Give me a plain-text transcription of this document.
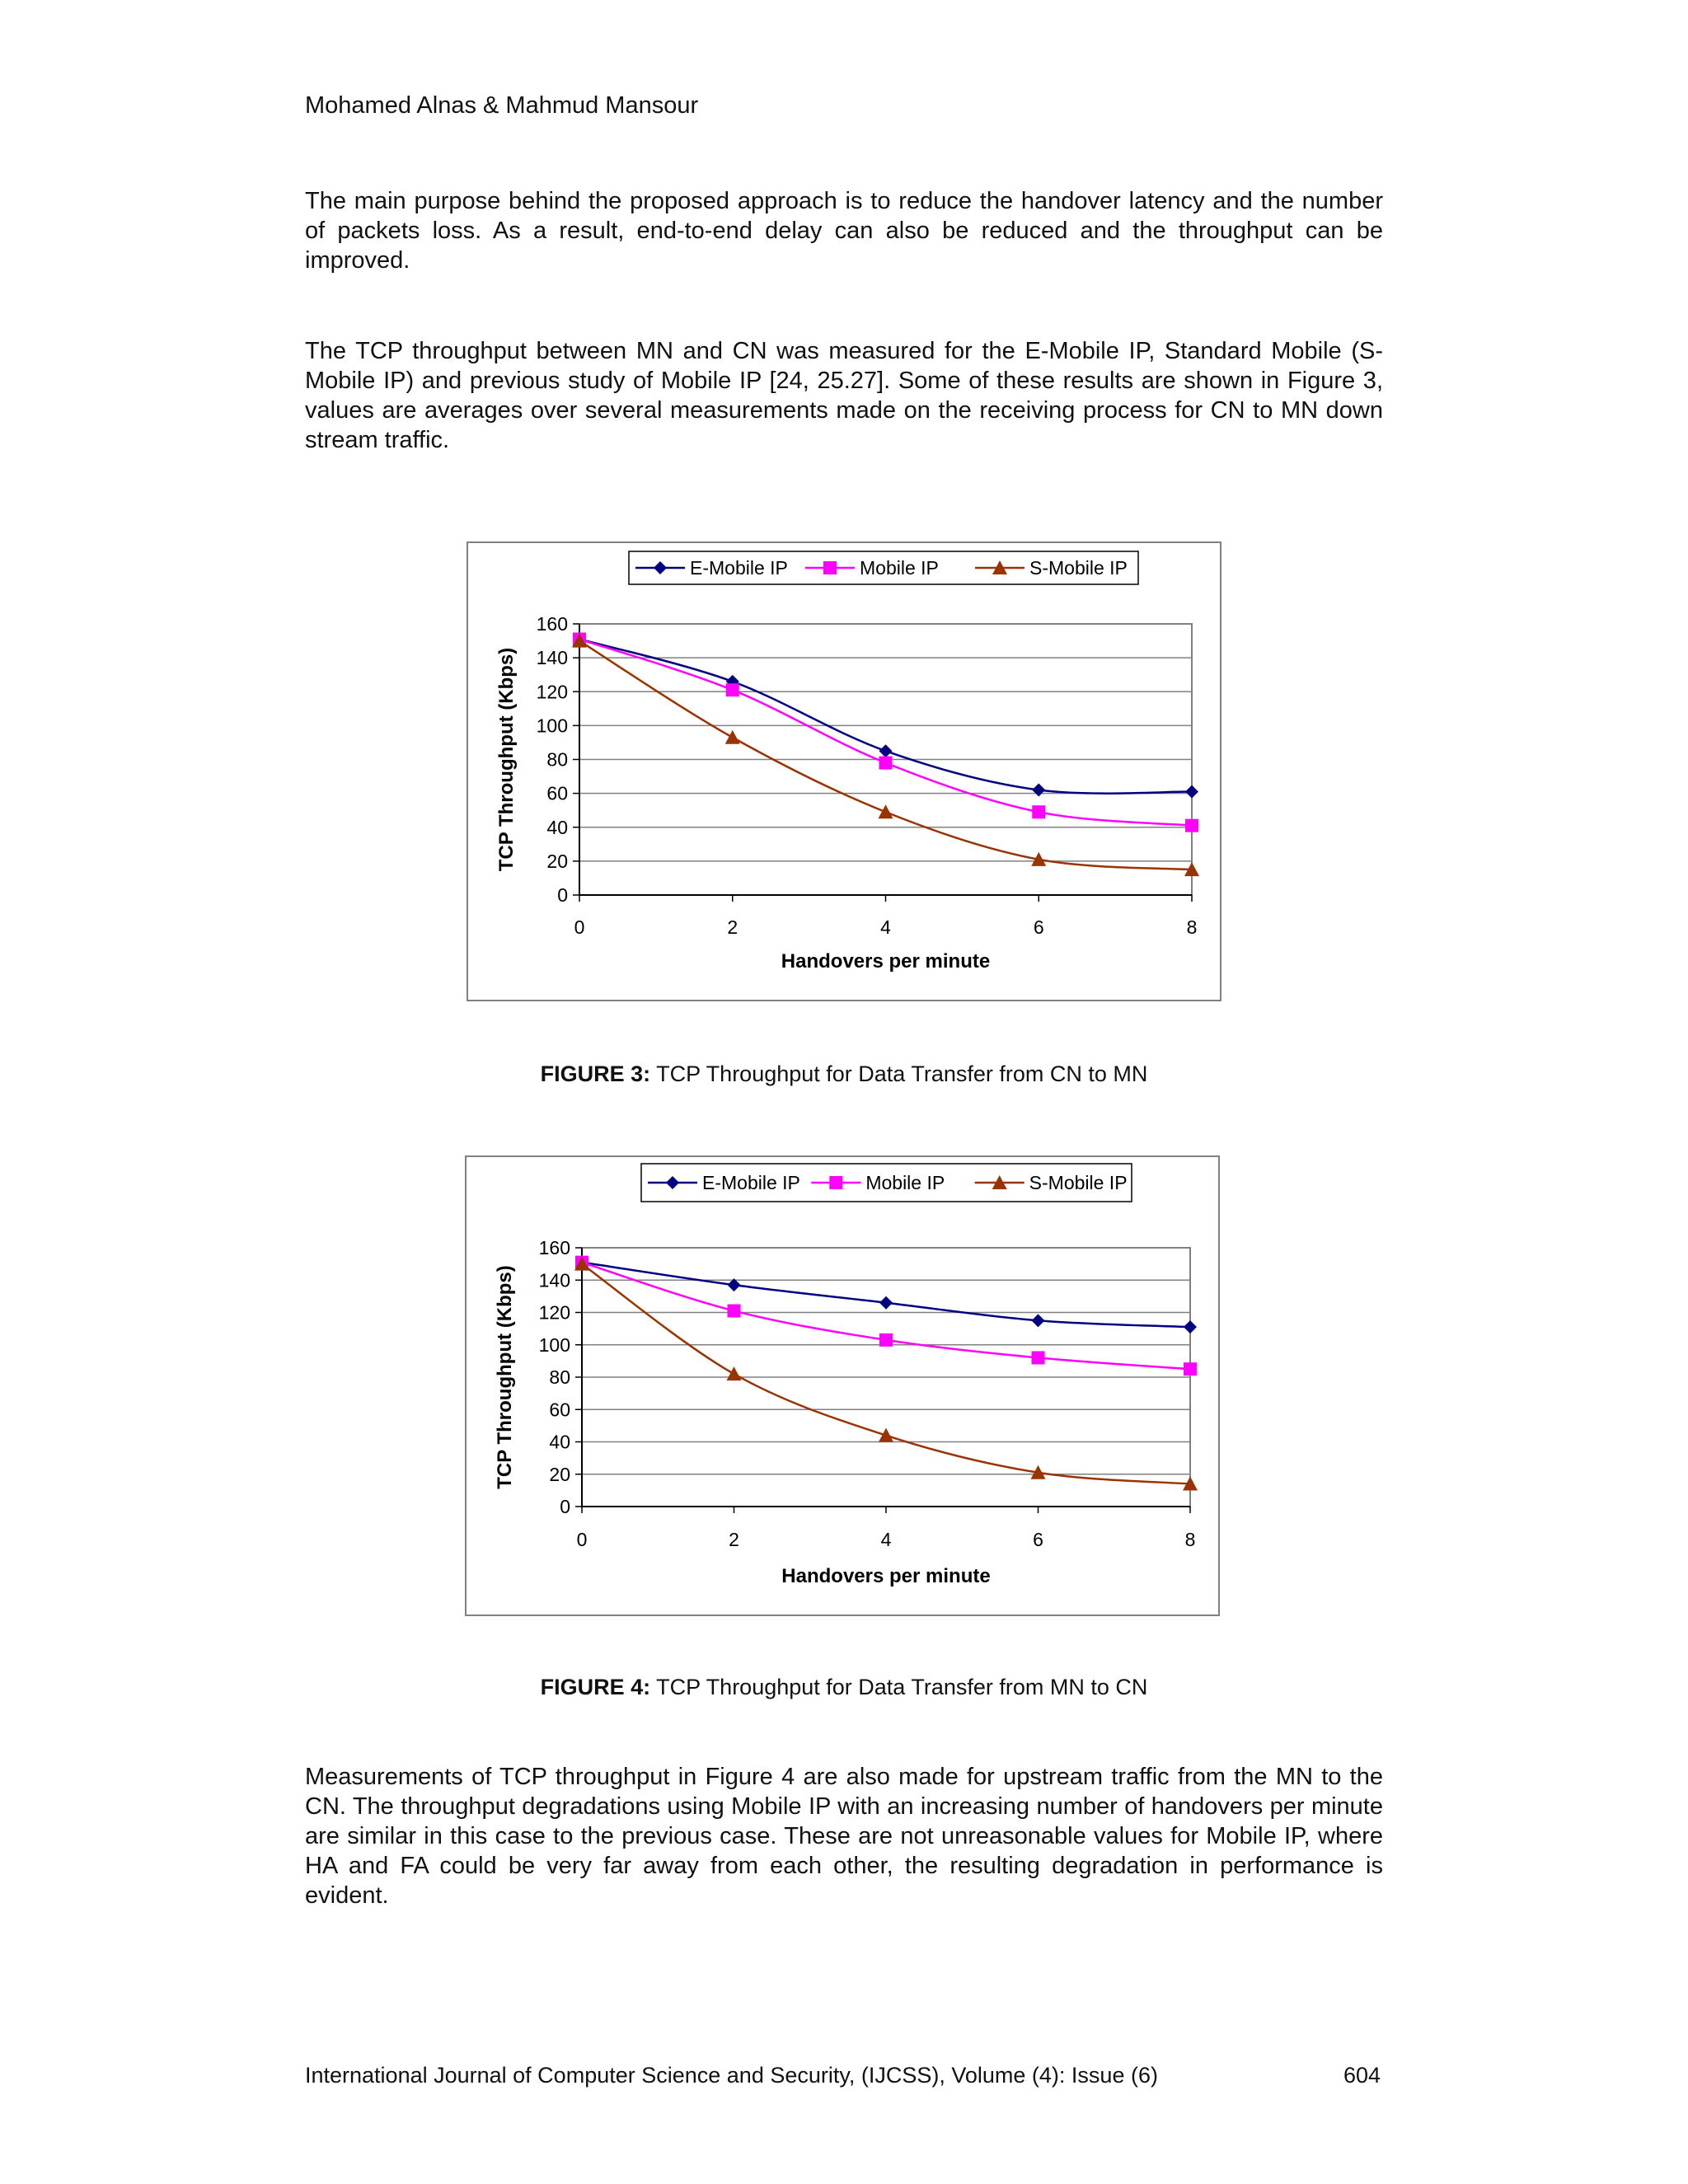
Mohamed Alnas & Mahmud Mansour

The main purpose behind the proposed approach is to reduce the handover latency and the number of packets loss. As a result, end-to-end delay can also be reduced and the throughput can be improved.

The TCP throughput between MN and CN was measured for the E-Mobile IP, Standard Mobile (S-Mobile IP) and previous study of Mobile IP [24, 25.27]. Some of these results are shown in Figure 3, values are averages over several measurements made on the receiving process for CN to MN down stream traffic.

0
20
40
60
80
100
120
140
160
0	2	4	6	8
Handovers per minute
TCP Throughput (Kbps)
E-Mobile IP	Mobile IP	S-Mobile IP
FIGURE 3: TCP Throughput for Data Transfer from CN to MN
0
20
40
60
80
100
120
140
160
0	2	4	6	8
Handovers per minute
TCP Throughput (Kbps)
E-Mobile IP	Mobile IP	S-Mobile IP
FIGURE 4: TCP Throughput for Data Transfer from MN to CN

Measurements of TCP throughput in Figure 4 are also made for upstream traffic from the MN to the CN. The throughput degradations using Mobile IP with an increasing number of handovers per minute are similar in this case to the previous case. These are not unreasonable values for Mobile IP, where HA and FA could be very far away from each other, the resulting degradation in performance is evident.

International Journal of Computer Science and Security, (IJCSS), Volume (4): Issue (6)	604
